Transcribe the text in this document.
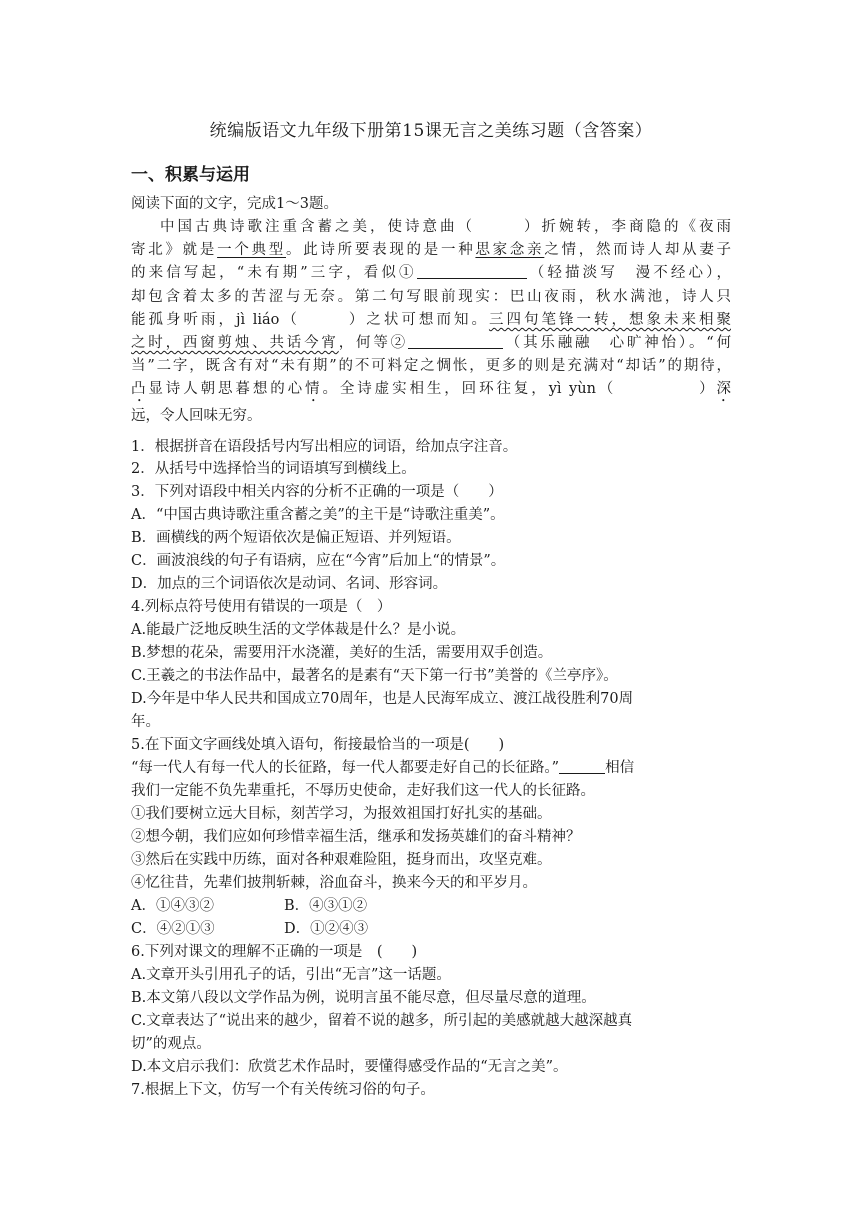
统编版语文九年级下册第15课无言之美练习题（含答案）
一、积累与运用
阅读下面的文字，完成1～3题。
中国古典诗歌注重含蓄之美，使诗意曲（	）折婉转，李商隐的《夜雨
寄北》就是一个典型。此诗所要表现的是一种思家念亲之情，然而诗人却从妻子
的来信写起，“未有期”三字，看似①	（轻描淡写　漫不经心），
却包含着太多的苦涩与无奈。第二句写眼前现实：巴山夜雨，秋水满池，诗人只
能孤身听雨，jì liáo（	）之状可想而知。三四句笔锋一转，想象未来相聚
之时，西窗剪烛、共话今宵，何等②	（其乐融融　心旷神怡）。“何
当”二字，既含有对“未有期”的不可料定之惆怅，更多的则是充满对“却话”的期待，
凸显诗人朝思暮想的心情。全诗虚实相生，回环往复，yì yùn（	）深
远，令人回味无穷。
1．根据拼音在语段括号内写出相应的词语，给加点字注音。
2．从括号中选择恰当的词语填写到横线上。
3．下列对语段中相关内容的分析不正确的一项是（　　）
A．“中国古典诗歌注重含蓄之美”的主干是“诗歌注重美”。
B．画横线的两个短语依次是偏正短语、并列短语。
C．画波浪线的句子有语病，应在“今宵”后加上“的情景”。
D．加点的三个词语依次是动词、名词、形容词。
4.列标点符号使用有错误的一项是（　）
A.能最广泛地反映生活的文学体裁是什么？是小说。
B.梦想的花朵，需要用汗水浇灌，美好的生活，需要用双手创造。
C.王羲之的书法作品中，最著名的是素有“天下第一行书”美誉的《兰亭序》。
D.今年是中华人民共和国成立70周年，也是人民海军成立、渡江战役胜利70周
年。
5.在下面文字画线处填入语句，衔接最恰当的一项是(　　)
“每一代人有每一代人的长征路，每一代人都要走好自己的长征路。”	相信
我们一定能不负先辈重托，不辱历史使命，走好我们这一代人的长征路。
①我们要树立远大目标，刻苦学习，为报效祖国打好扎实的基础。
②想今朝，我们应如何珍惜幸福生活，继承和发扬英雄们的奋斗精神？
③然后在实践中历练，面对各种艰难险阻，挺身而出，攻坚克难。
④忆往昔，先辈们披荆斩棘，浴血奋斗，换来今天的和平岁月。
A．①④③②	B．④③①②
C．④②①③	D．①②④③
6.下列对课文的理解不正确的一项是　(　　)
A.文章开头引用孔子的话，引出“无言”这一话题。
B.本文第八段以文学作品为例，说明言虽不能尽意，但尽量尽意的道理。
C.文章表达了“说出来的越少，留着不说的越多，所引起的美感就越大越深越真
切”的观点。
D.本文启示我们：欣赏艺术作品时，要懂得感受作品的“无言之美”。
7.根据上下文，仿写一个有关传统习俗的句子。
